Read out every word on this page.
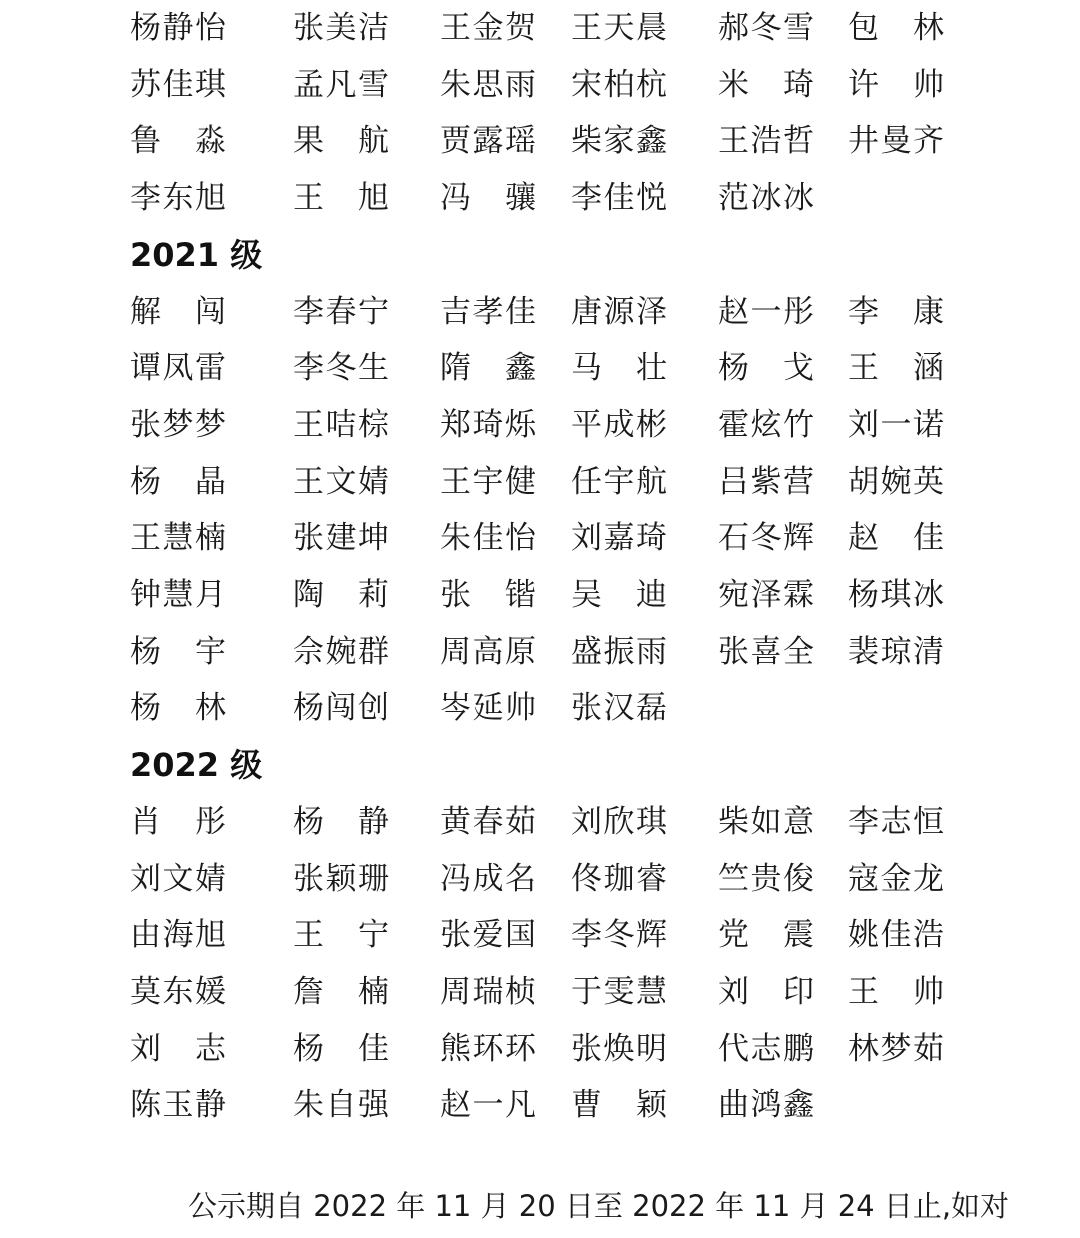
杨 静 怡 张 美 洁 王 金 贺 王 天 晨 郝 冬 雪 包 林
苏 佳 琪 孟 凡 雪 朱 思 雨 宋 柏 杭 米 琦 许 帅
鲁 淼 果 航 贾 露 瑶 柴 家 鑫 王 浩 哲 井 曼 齐
李 东 旭 王 旭 冯 骧 李 佳 悦 范 冰 冰
2021 级
解 闯 李 春 宁 吉 孝 佳 唐 源 泽 赵 一 彤 李 康
谭 凤 雷 李 冬 生 隋 鑫 马 壮 杨 戈 王 涵
张 梦 梦 王 咭 棕 郑 琦 烁 平 成 彬 霍 炫 竹 刘 一 诺
杨 晶 王 文 婧 王 宇 健 任 宇 航 吕 紫 营 胡 婉 英
王 慧 楠 张 建 坤 朱 佳 怡 刘 嘉 琦 石 冬 辉 赵 佳
钟 慧 月 陶 莉 张 锴 吴 迪 宛 泽 霖 杨 琪 冰
杨 宇 佘 婉 群 周 高 原 盛 振 雨 张 喜 全 裴 琼 清
杨 林 杨 闯 创 岑 延 帅 张 汉 磊
2022 级
肖 彤 杨 静 黄 春 茹 刘 欣 琪 柴 如 意 李 志 恒
刘 文 婧 张 颖 珊 冯 成 名 佟 珈 睿 竺 贵 俊 寇 金 龙
由 海 旭 王 宁 张 爱 国 李 冬 辉 党 震 姚 佳 浩
莫 东 媛 詹 楠 周 瑞 桢 于 雯 慧 刘 印 王 帅
刘 志 杨 佳 熊 环 环 张 焕 明 代 志 鹏 林 梦 茹
陈 玉 静 朱 自 强 赵 一 凡 曹 颖 曲 鸿 鑫
公示期自 2022 年 11 月 20 日至 2022 年 11 月 24 日止,如对
